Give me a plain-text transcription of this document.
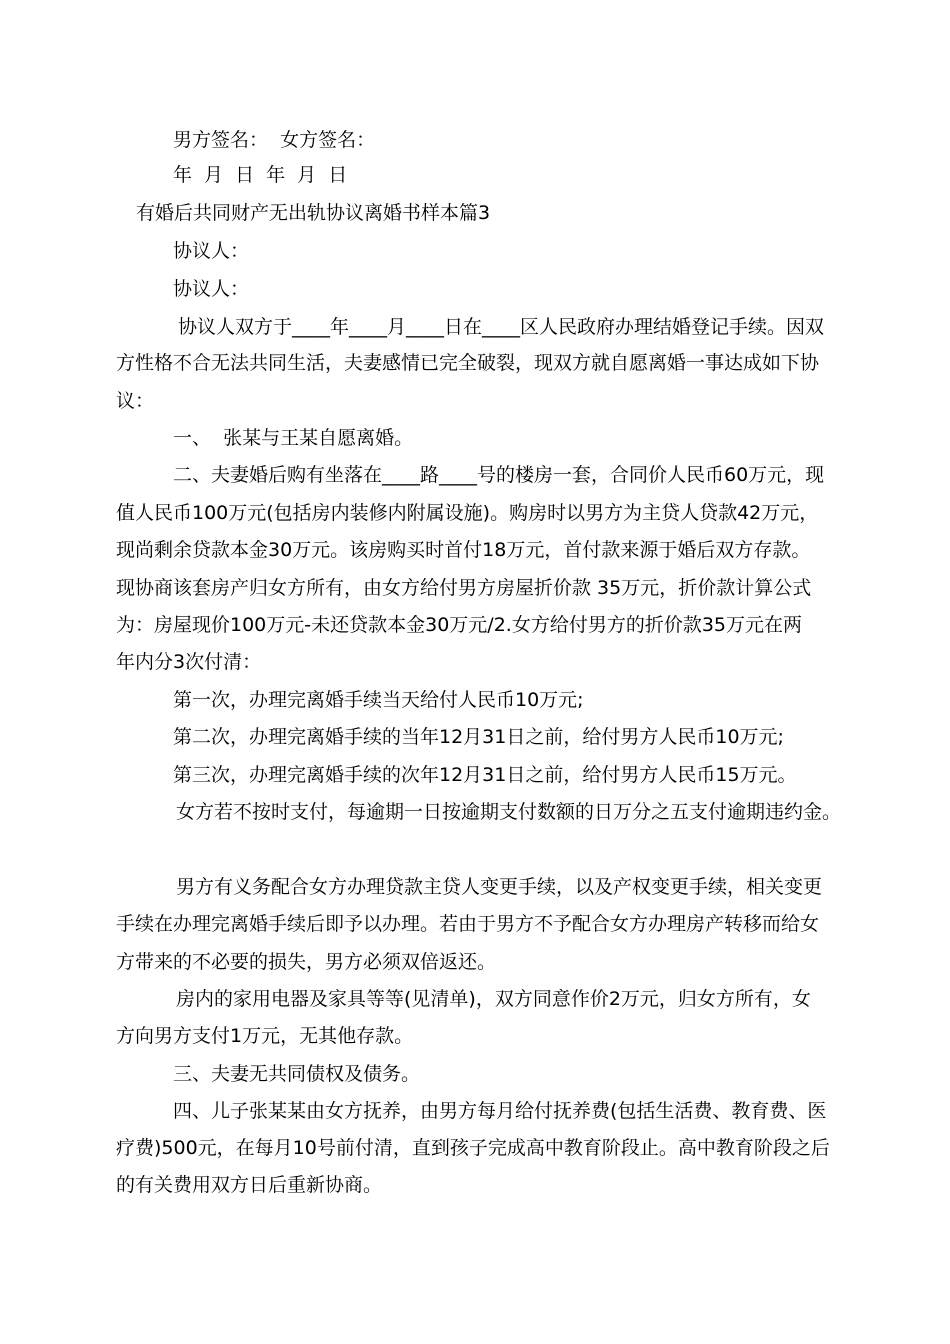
男方签名： 女方签名：
年 月 日 年 月 日
有婚后共同财产无出轨协议离婚书样本篇3
协议人：
协议人：
协议人双方于____年____月____日在____区人民政府办理结婚登记手续。因双
方性格不合无法共同生活，夫妻感情已完全破裂，现双方就自愿离婚一事达成如下协
议：
一、  张某与王某自愿离婚。
二、夫妻婚后购有坐落在____路____号的楼房一套，合同价人民币60万元，现
值人民币100万元(包括房内装修内附属设施)。购房时以男方为主贷人贷款42万元，
现尚剩余贷款本金30万元。该房购买时首付18万元，首付款来源于婚后双方存款。
现协商该套房产归女方所有，由女方给付男方房屋折价款 35万元，折价款计算公式
为：房屋现价100万元-未还贷款本金30万元/2.女方给付男方的折价款35万元在两
年内分3次付清：
第一次，办理完离婚手续当天给付人民币10万元;
第二次，办理完离婚手续的当年12月31日之前，给付男方人民币10万元;
第三次，办理完离婚手续的次年12月31日之前，给付男方人民币15万元。
女方若不按时支付，每逾期一日按逾期支付数额的日万分之五支付逾期违约金。
男方有义务配合女方办理贷款主贷人变更手续，以及产权变更手续，相关变更
手续在办理完离婚手续后即予以办理。若由于男方不予配合女方办理房产转移而给女
方带来的不必要的损失，男方必须双倍返还。
房内的家用电器及家具等等(见清单)，双方同意作价2万元，归女方所有，女
方向男方支付1万元，无其他存款。
三、夫妻无共同债权及债务。
四、儿子张某某由女方抚养，由男方每月给付抚养费(包括生活费、教育费、医
疗费)500元，在每月10号前付清，直到孩子完成高中教育阶段止。高中教育阶段之后
的有关费用双方日后重新协商。
